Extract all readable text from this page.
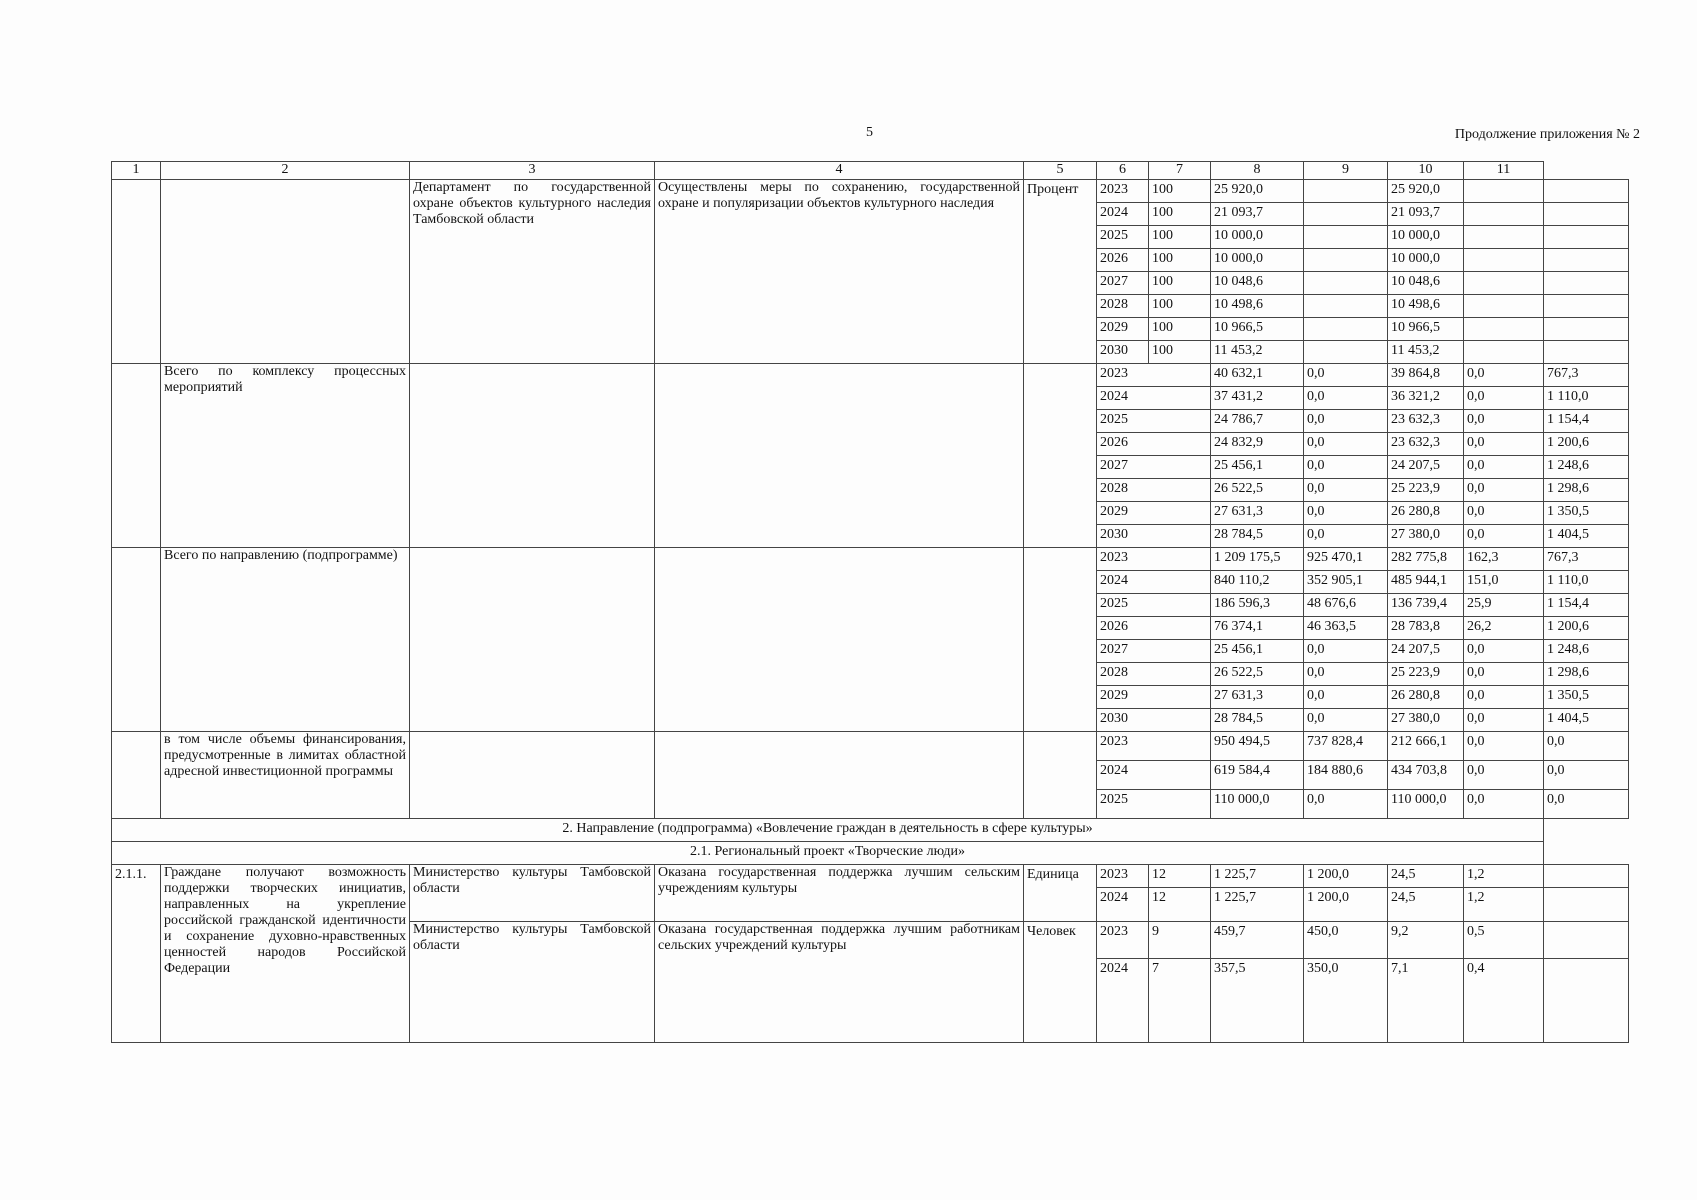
5	Продолжение приложения № 2
1	2	3	4	5	6	7	8	9	10	11	
		Департамент по государственной охране объектов культурного наследия Тамбовской области	Осуществлены меры по сохранению, государственной охране и популяризации объектов культурного наследия	Процент	2023	100	25 920,0		25 920,0		
					2024	100	21 093,7		21 093,7		
					2025	100	10 000,0		10 000,0		
					2026	100	10 000,0		10 000,0		
					2027	100	10 048,6		10 048,6		
					2028	100	10 498,6		10 498,6		
					2029	100	10 966,5		10 966,5		
					2030	100	11 453,2		11 453,2		
	Всего по комплексу процессных мероприятий				2023		40 632,1	0,0	39 864,8	0,0	767,3
					2024		37 431,2	0,0	36 321,2	0,0	1 110,0
					2025		24 786,7	0,0	23 632,3	0,0	1 154,4
					2026		24 832,9	0,0	23 632,3	0,0	1 200,6
					2027		25 456,1	0,0	24 207,5	0,0	1 248,6
					2028		26 522,5	0,0	25 223,9	0,0	1 298,6
					2029		27 631,3	0,0	26 280,8	0,0	1 350,5
					2030		28 784,5	0,0	27 380,0	0,0	1 404,5
	Всего по направлению (подпрограмме)				2023		1 209 175,5	925 470,1	282 775,8	162,3	767,3
					2024		840 110,2	352 905,1	485 944,1	151,0	1 110,0
					2025		186 596,3	48 676,6	136 739,4	25,9	1 154,4
					2026		76 374,1	46 363,5	28 783,8	26,2	1 200,6
					2027		25 456,1	0,0	24 207,5	0,0	1 248,6
					2028		26 522,5	0,0	25 223,9	0,0	1 298,6
					2029		27 631,3	0,0	26 280,8	0,0	1 350,5
					2030		28 784,5	0,0	27 380,0	0,0	1 404,5
	в том числе объемы финансирования, предусмотренные в лимитах областной адресной инвестиционной программы				2023		950 494,5	737 828,4	212 666,1	0,0	0,0
					2024		619 584,4	184 880,6	434 703,8	0,0	0,0
					2025		110 000,0	0,0	110 000,0	0,0	0,0
2. Направление (подпрограмма) «Вовлечение граждан в деятельность в сфере культуры»											
2.1. Региональный проект «Творческие люди»											
2.1.1.	Граждане получают возможность поддержки творческих инициатив, направленных на укрепление российской гражданской идентичности и сохранение духовно-нравственных ценностей народов Российской Федерации	Министерство культуры Тамбовской области	Оказана государственная поддержка лучшим сельским учреждениям культуры	Единица	2023	12	1 225,7	1 200,0	24,5	1,2	
					2024	12	1 225,7	1 200,0	24,5	1,2	
		Министерство культуры Тамбовской области	Оказана государственная поддержка лучшим работникам сельских учреждений культуры	Человек	2023	9	459,7	450,0	9,2	0,5	
					2024	7	357,5	350,0	7,1	0,4	
